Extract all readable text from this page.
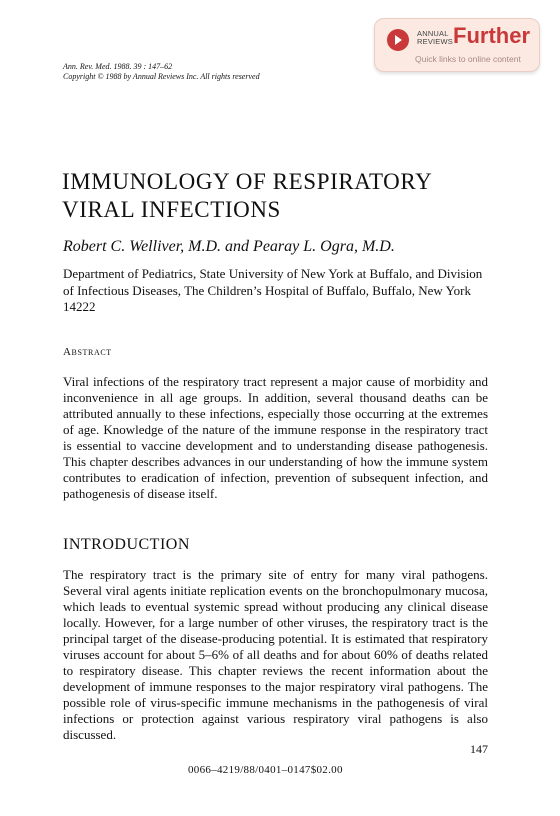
ANNUAL
REVIEWS Further
Quick links to online content
Ann. Rev. Med. 1988. 39 : 147–62
Copyright © 1988 by Annual Reviews Inc. All rights reserved
IMMUNOLOGY OF RESPIRATORY VIRAL INFECTIONS
Robert C. Welliver, M.D. and Pearay L. Ogra, M.D.
Department of Pediatrics, State University of New York at Buffalo, and Division of Infectious Diseases, The Children’s Hospital of Buffalo, Buffalo, New York 14222
Abstract

Viral infections of the respiratory tract represent a major cause of morbidity and inconvenience in all age groups. In addition, several thousand deaths can be attributed annually to these infections, especially those occurring at the extremes of age. Knowledge of the nature of the immune response in the respiratory tract is essential to vaccine development and to understanding disease pathogenesis. This chapter describes advances in our understanding of how the immune system contributes to eradication of infection, prevention of subsequent infection, and pathogenesis of disease itself.

INTRODUCTION

The respiratory tract is the primary site of entry for many viral pathogens. Several viral agents initiate replication events on the bronchopulmonary mucosa, which leads to eventual systemic spread without producing any clinical disease locally. However, for a large number of other viruses, the respiratory tract is the principal target of the disease-producing potential. It is estimated that respiratory viruses account for about 5–6% of all deaths and for about 60% of deaths related to respiratory disease. This chapter reviews the recent information about the development of immune responses to the major respiratory viral pathogens. The possible role of virus-specific immune mechanisms in the pathogenesis of viral infections or protection against various respiratory viral pathogens is also discussed.

147
0066–4219/88/0401–0147$02.00
